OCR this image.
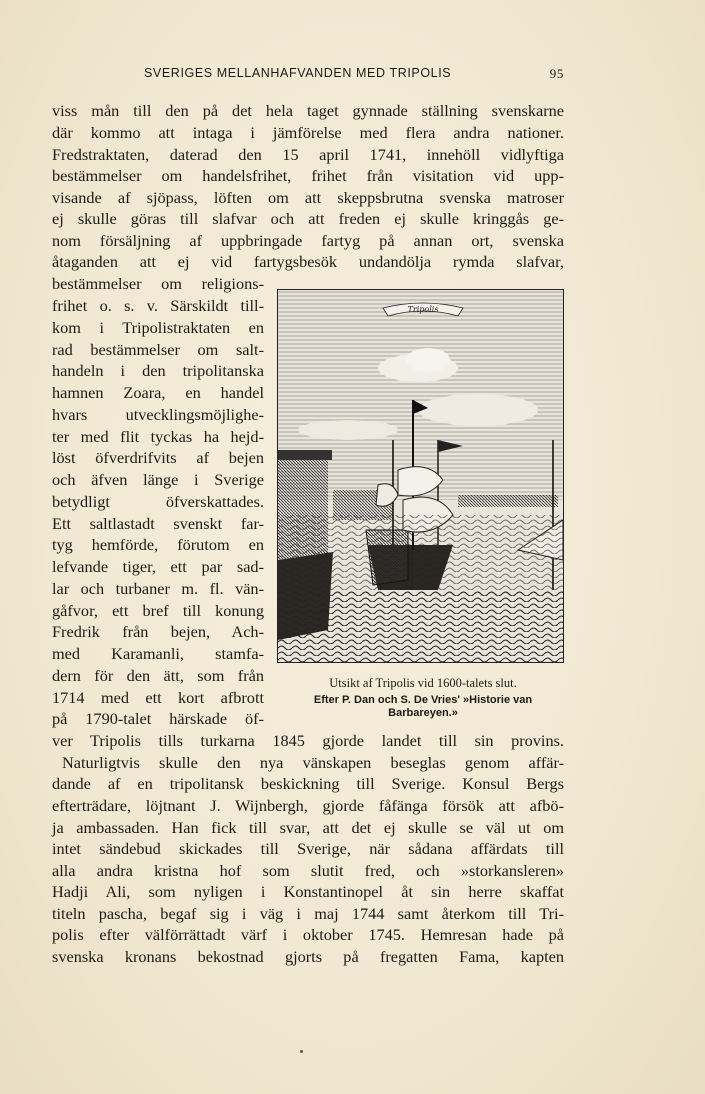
SVERIGES MELLANHAFVANDEN MED TRIPOLIS	95
viss mån till den på det hela taget gynnade ställning svenskarne
där kommo att intaga i jämförelse med flera andra nationer.
Fredstraktaten, daterad den 15 april 1741, innehöll vidlyftiga
bestämmelser om handelsfrihet, frihet från visitation vid upp-
visande af sjöpass, löften om att skeppsbrutna svenska matroser
ej skulle göras till slafvar och att freden ej skulle kringgås ge-
nom försäljning af uppbringade fartyg på annan ort, svenska
åtaganden att ej vid fartygsbesök undandölja rymda slafvar,
bestämmelser om religions-
frihet o. s. v. Särskildt till-
kom i Tripolistraktaten en
rad bestämmelser om salt-
handeln i den tripolitanska
hamnen Zoara, en handel
hvars utvecklingsmöjlighe-
ter med flit tyckas ha hejd-
löst öfverdrifvits af bejen
och äfven länge i Sverige
betydligt öfverskattades.
Ett saltlastadt svenskt far-
tyg hemförde, förutom en
lefvande tiger, ett par sad-
lar och turbaner m. fl. vän-
gåfvor, ett bref till konung
Fredrik från bejen, Ach-
med Karamanli, stamfa-
dern för den ätt, som från
1714 med ett kort afbrott
på 1790-talet härskade öf-
Tripolis
Utsikt af Tripolis vid 1600-talets slut.
Efter P. Dan och S. De Vries' »Historie van
Barbareyen.»
ver Tripolis tills turkarna 1845 gjorde landet till sin provins.
Naturligtvis skulle den nya vänskapen beseglas genom affär-
dande af en tripolitansk beskickning till Sverige. Konsul Bergs
efterträdare, löjtnant J. Wijnbergh, gjorde fåfänga försök att afbö-
ja ambassaden. Han fick till svar, att det ej skulle se väl ut om
intet sändebud skickades till Sverige, när sådana affärdats till
alla andra kristna hof som slutit fred, och »storkansleren»
Hadji Ali, som nyligen i Konstantinopel åt sin herre skaffat
titeln pascha, begaf sig i väg i maj 1744 samt återkom till Tri-
polis efter välförrättadt värf i oktober 1745. Hemresan hade på
svenska kronans bekostnad gjorts på fregatten Fama, kapten
